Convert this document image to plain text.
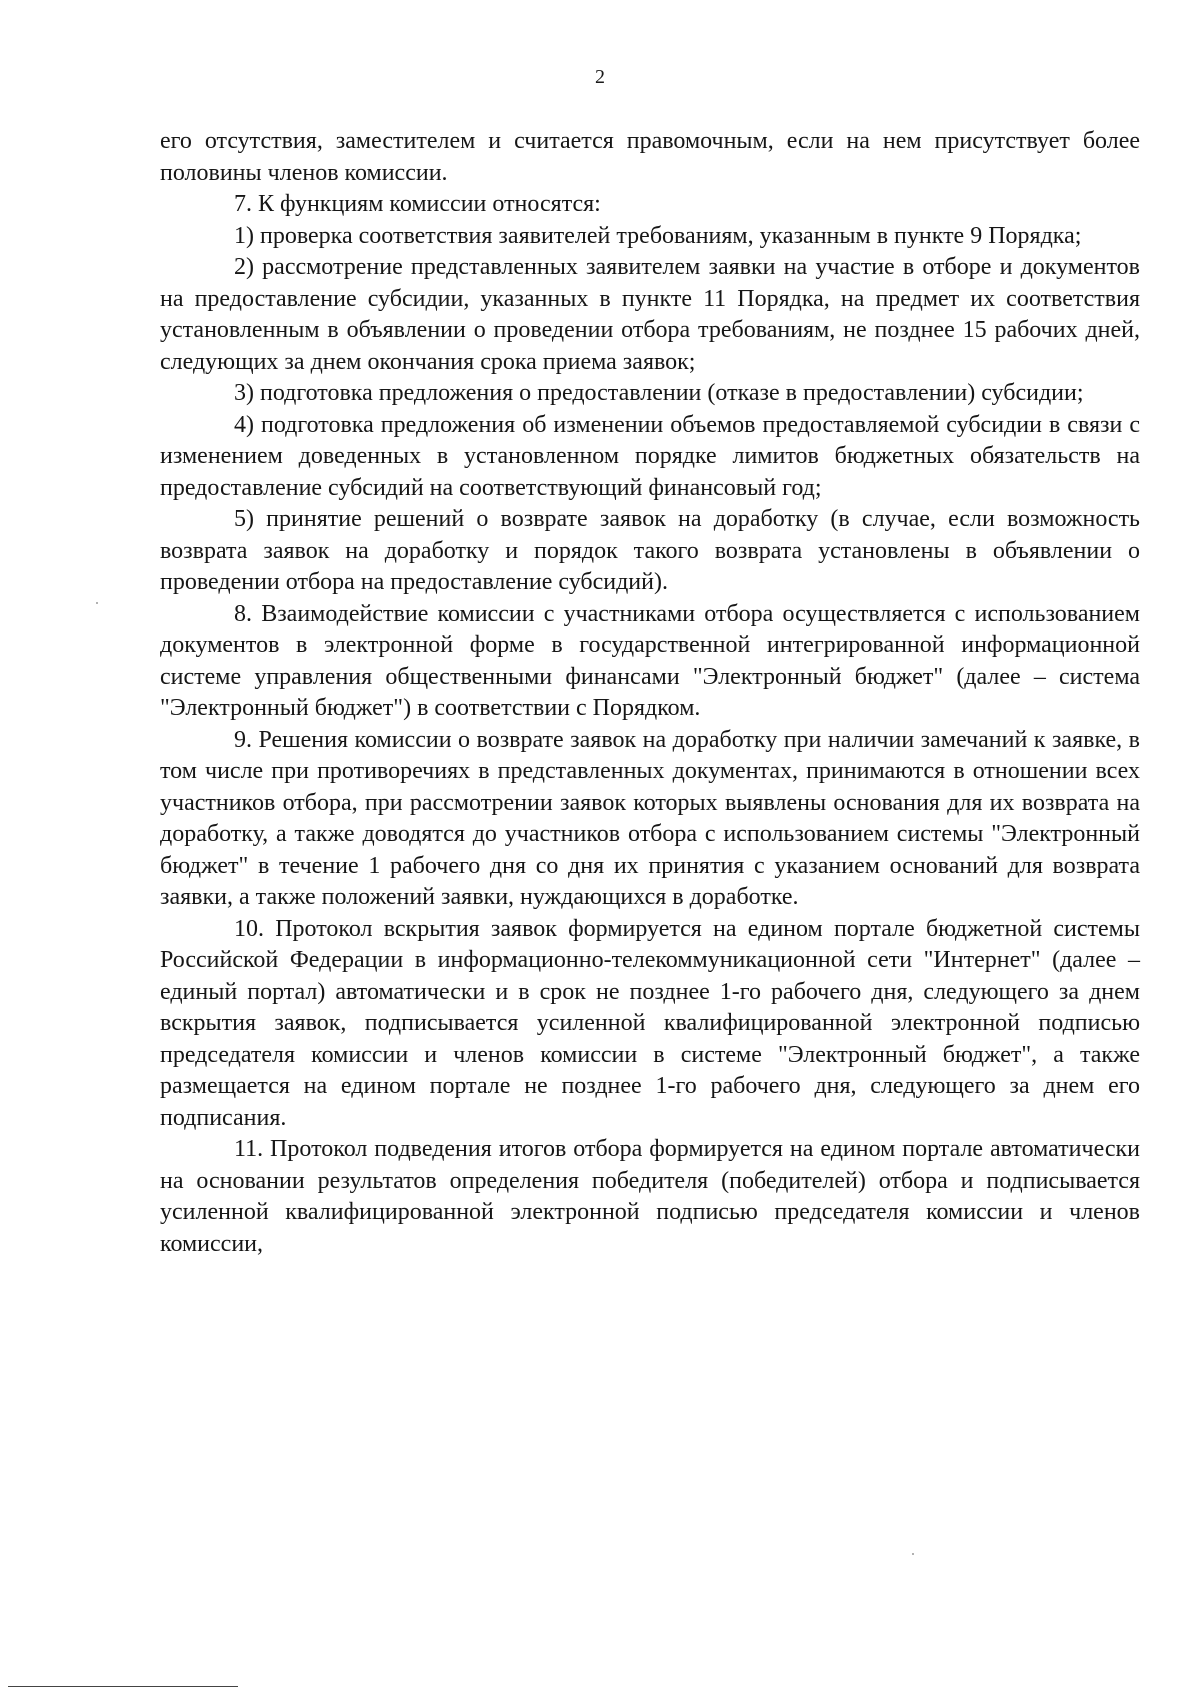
2

его отсутствия, заместителем и считается правомочным, если на нем присутствует более половины членов комиссии.

7. К функциям комиссии относятся:

1) проверка соответствия заявителей требованиям, указанным в пункте 9 Порядка;

2) рассмотрение представленных заявителем заявки на участие в отборе и документов на предоставление субсидии, указанных в пункте 11 Порядка, на предмет их соответствия установленным в объявлении о проведении отбора требованиям, не позднее 15 рабочих дней, следующих за днем окончания срока приема заявок;

3) подготовка предложения о предоставлении (отказе в предоставлении) субсидии;

4) подготовка предложения об изменении объемов предоставляемой субсидии в связи с изменением доведенных в установленном порядке лимитов бюджетных обязательств на предоставление субсидий на соответствующий финансовый год;

5) принятие решений о возврате заявок на доработку (в случае, если возможность возврата заявок на доработку и порядок такого возврата установлены в объявлении о проведении отбора на предоставление субсидий).

8. Взаимодействие комиссии с участниками отбора осуществляется с использованием документов в электронной форме в государственной интегрированной информационной системе управления общественными финансами "Электронный бюджет" (далее – система "Электронный бюджет") в соответствии с Порядком.

9. Решения комиссии о возврате заявок на доработку при наличии замечаний к заявке, в том числе при противоречиях в представленных документах, принимаются в отношении всех участников отбора, при рассмотрении заявок которых выявлены основания для их возврата на доработку, а также доводятся до участников отбора с использованием системы "Электронный бюджет" в течение 1 рабочего дня со дня их принятия с указанием оснований для возврата заявки, а также положений заявки, нуждающихся в доработке.

10. Протокол вскрытия заявок формируется на едином портале бюджетной системы Российской Федерации в информационно-телекоммуникационной сети "Интернет" (далее – единый портал) автоматически и в срок не позднее 1-го рабочего дня, следующего за днем вскрытия заявок, подписывается усиленной квалифицированной электронной подписью председателя комиссии и членов комиссии в системе "Электронный бюджет", а также размещается на едином портале не позднее 1-го рабочего дня, следующего за днем его подписания.

11. Протокол подведения итогов отбора формируется на едином портале автоматически на основании результатов определения победителя (победителей) отбора и подписывается усиленной квалифицированной электронной подписью председателя комиссии и членов комиссии,
